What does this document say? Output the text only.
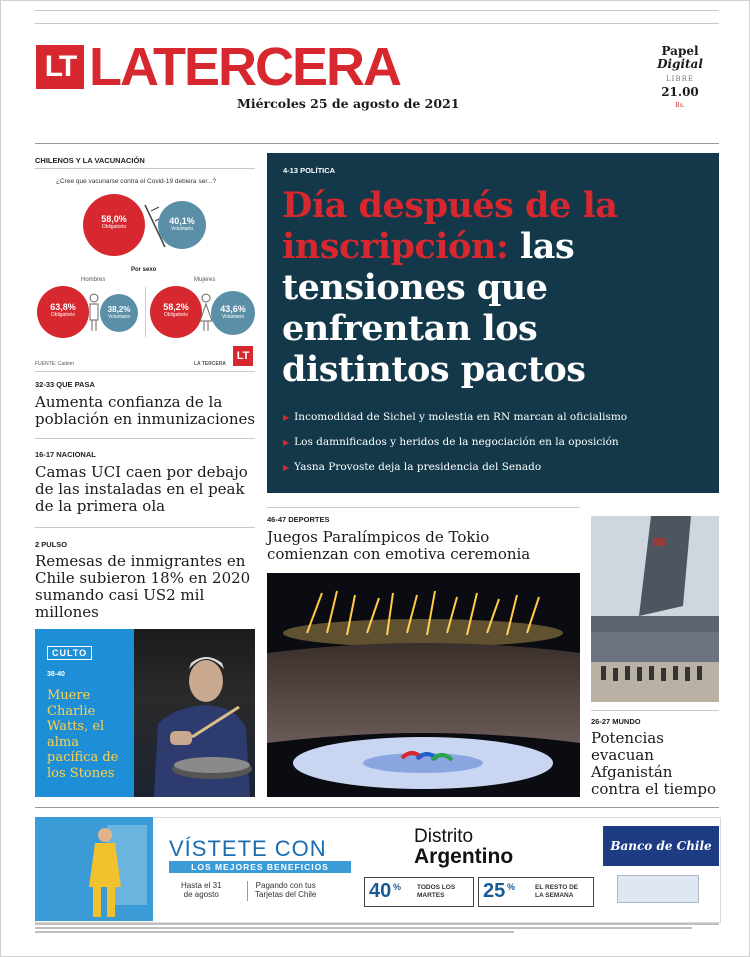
LT LATERCERA
Miércoles 25 de agosto de 2021
Papel
Digital
LIBRE
21.00
Bs.
CHILENOS Y LA VACUNACIÓN
¿Cree que vacunarse contra el Covid-19 debiera ser...?
58,0%
Obligatorio
40,1%
Voluntario
Por sexo
Hombres	Mujeres
63,8%
Obligatorio
38,2%
Voluntario
58,2%
Obligatorio
43,6%
Voluntario
FUENTE: Cadem	LA TERCERA
LT
32-33 QUE PASA
Aumenta confianza de la población en inmunizaciones
16-17 NACIONAL
Camas UCI caen por debajo de las instaladas en el peak de la primera ola
2 PULSO
Remesas de inmigrantes en Chile subieron 18% en 2020 sumando casi US2 mil millones
CULTO
38-40
Muere Charlie Watts, el alma pacífica de los Stones
4-13 POLÍTICA
Día después de la inscripción: las tensiones que enfrentan los distintos pactos
▶ Incomodidad de Sichel y molestia en RN marcan al oficialismo
▶ Los damnificados y heridos de la negociación en la oposición
▶ Yasna Provoste deja la presidencia del Senado
46-47 DEPORTES
Juegos Paralímpicos de Tokio comienzan con emotiva ceremonia
26-27 MUNDO
Potencias evacuan Afganistán contra el tiempo
VÍSTETE CON
LOS MEJORES BENEFICIOS
Hasta el 31
de agosto
Pagando con tus
Tarjetas del Chile
Distrito
Argentino
40 % TODOS LOS
MARTES	25 %	EL RESTO DE
LA SEMANA
Banco de Chile
